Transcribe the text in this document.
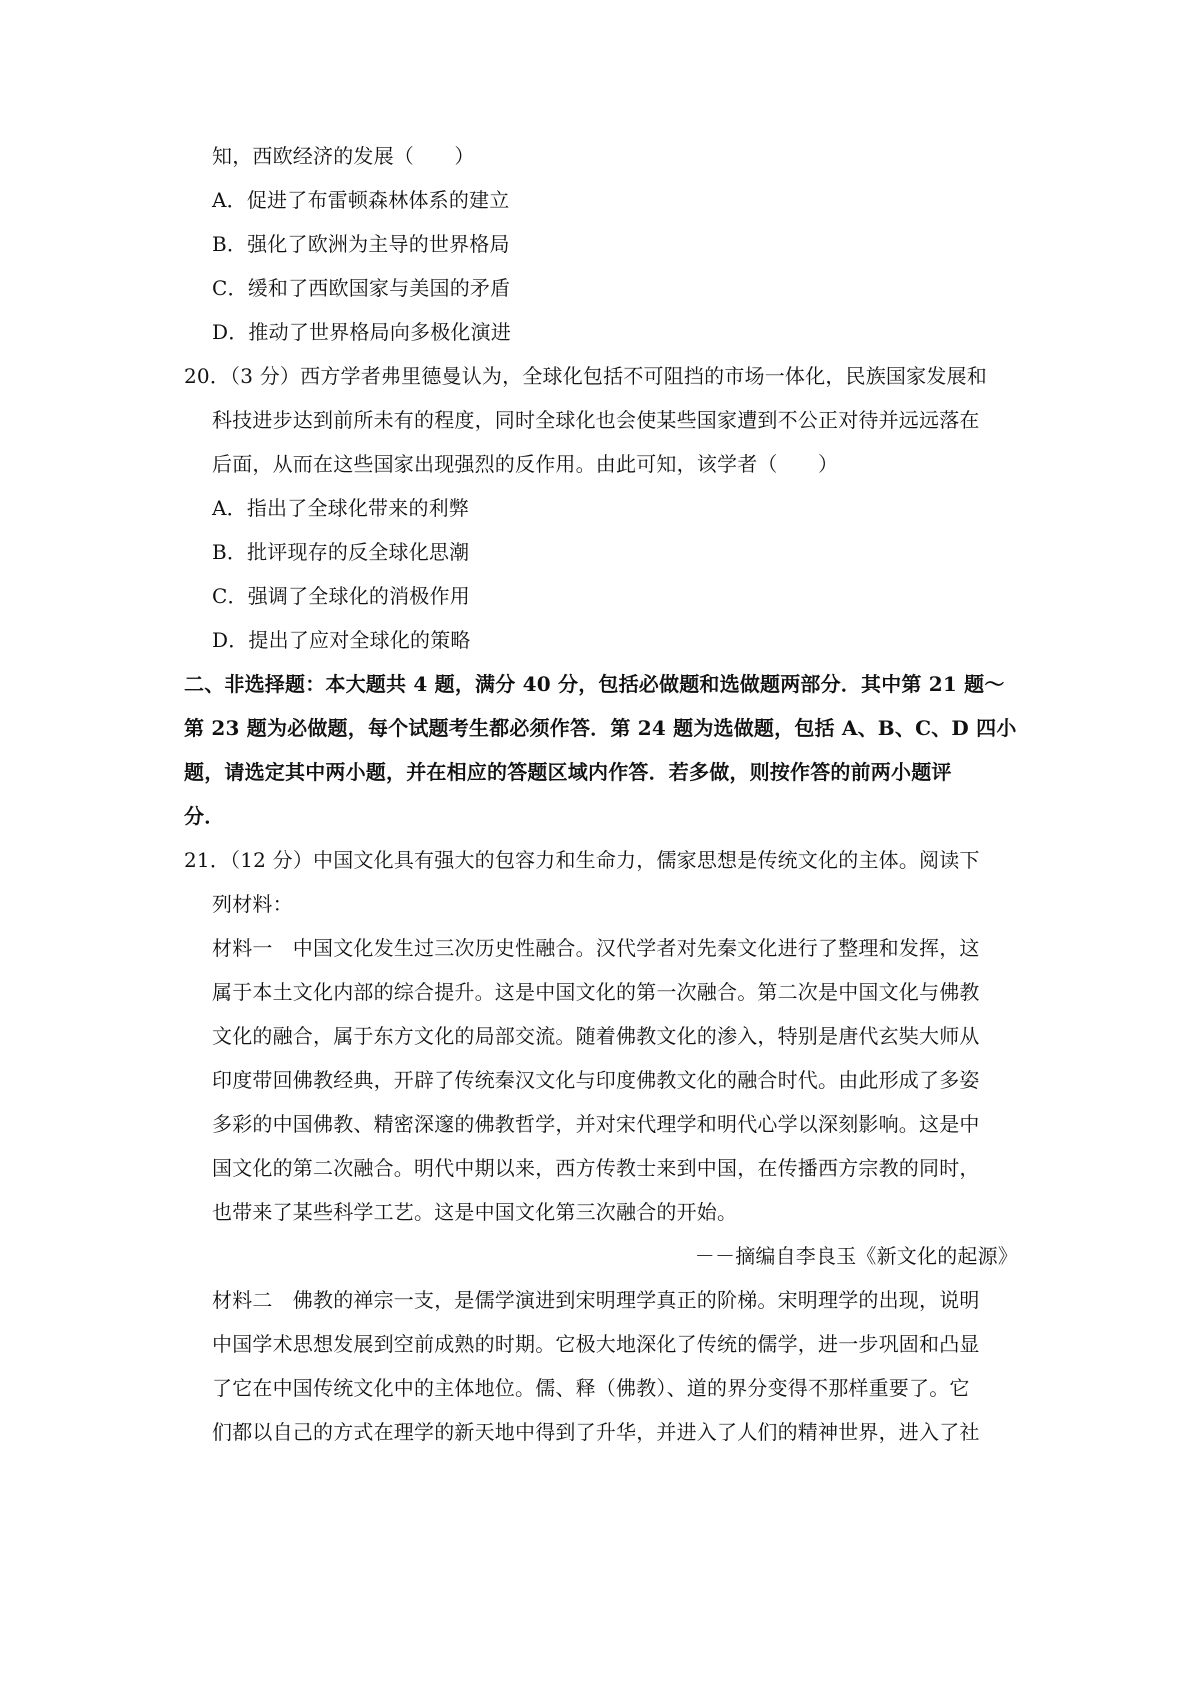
知，西欧经济的发展（　　）
A．促进了布雷顿森林体系的建立
B．强化了欧洲为主导的世界格局
C．缓和了西欧国家与美国的矛盾
D．推动了世界格局向多极化演进
20．（3 分）西方学者弗里德曼认为，全球化包括不可阻挡的市场一体化，民族国家发展和
科技进步达到前所未有的程度，同时全球化也会使某些国家遭到不公正对待并远远落在
后面，从而在这些国家出现强烈的反作用。由此可知，该学者（　　）
A．指出了全球化带来的利弊
B．批评现存的反全球化思潮
C．强调了全球化的消极作用
D．提出了应对全球化的策略
二、非选择题：本大题共 4 题，满分 40 分，包括必做题和选做题两部分．其中第 21 题～
第 23 题为必做题，每个试题考生都必须作答．第 24 题为选做题，包括 A、B、C、D 四小
题，请选定其中两小题，并在相应的答题区域内作答．若多做，则按作答的前两小题评
分．
21．（12 分）中国文化具有强大的包容力和生命力，儒家思想是传统文化的主体。阅读下
列材料：
材料一　中国文化发生过三次历史性融合。汉代学者对先秦文化进行了整理和发挥，这
属于本土文化内部的综合提升。这是中国文化的第一次融合。第二次是中国文化与佛教
文化的融合，属于东方文化的局部交流。随着佛教文化的渗入，特别是唐代玄奘大师从
印度带回佛教经典，开辟了传统秦汉文化与印度佛教文化的融合时代。由此形成了多姿
多彩的中国佛教、精密深邃的佛教哲学，并对宋代理学和明代心学以深刻影响。这是中
国文化的第二次融合。明代中期以来，西方传教士来到中国，在传播西方宗教的同时，
也带来了某些科学工艺。这是中国文化第三次融合的开始。
－－摘编自李良玉《新文化的起源》
材料二　佛教的禅宗一支，是儒学演进到宋明理学真正的阶梯。宋明理学的出现，说明
中国学术思想发展到空前成熟的时期。它极大地深化了传统的儒学，进一步巩固和凸显
了它在中国传统文化中的主体地位。儒、释（佛教）、道的界分变得不那样重要了。它
们都以自己的方式在理学的新天地中得到了升华，并进入了人们的精神世界，进入了社
